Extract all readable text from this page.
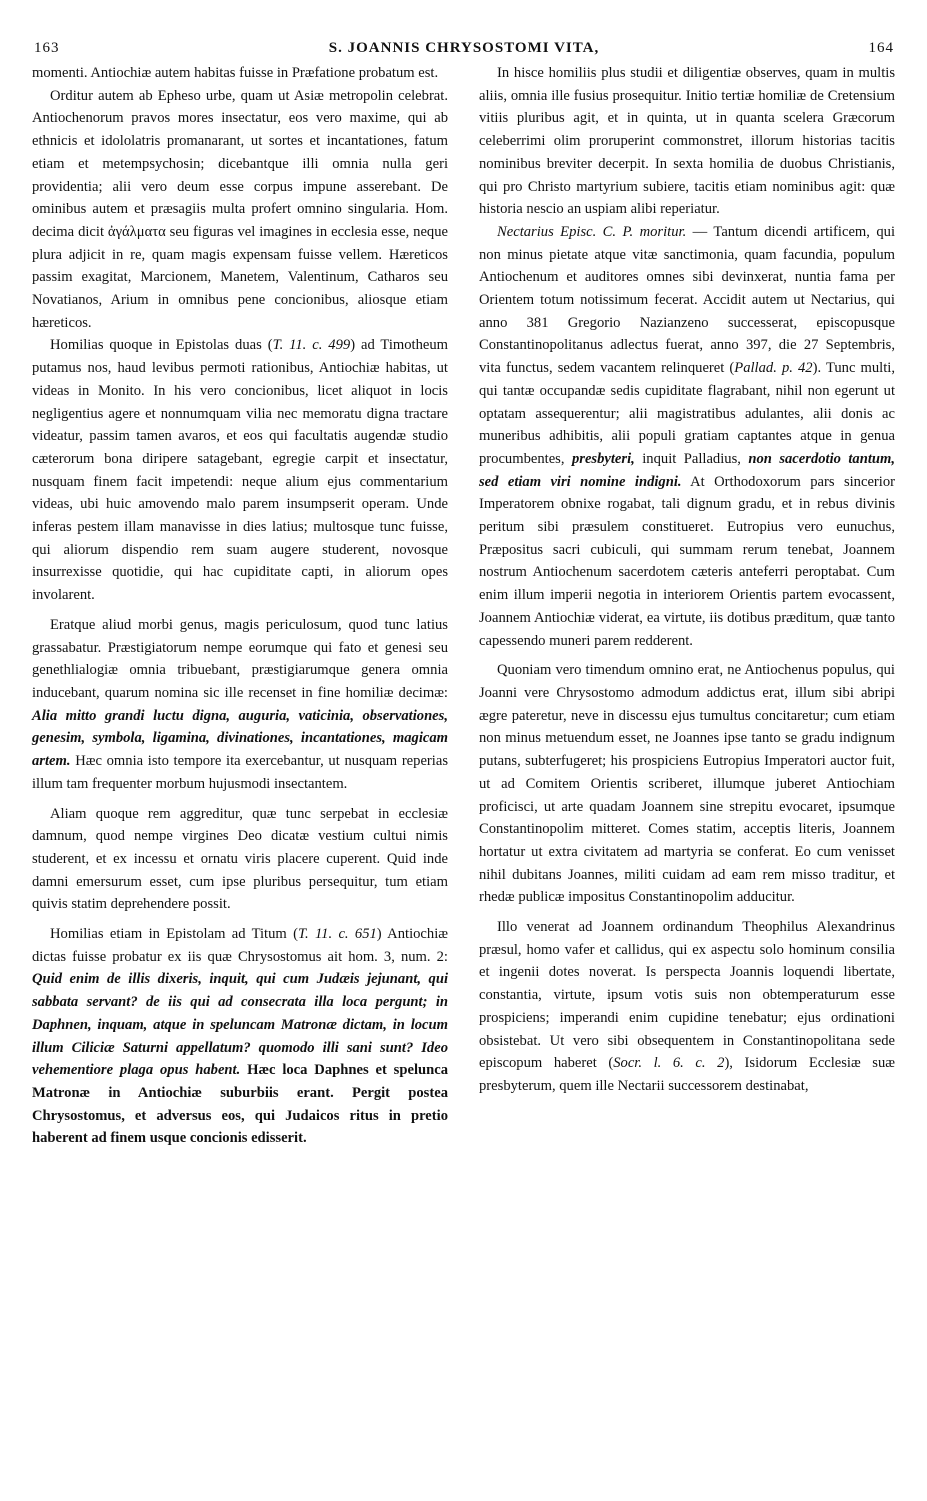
163	S. JOANNIS CHRYSOSTOMI VITA,	164

momenti. Antiochiæ autem habitas fuisse in Præfatione probatum est.

Orditur autem ab Epheso urbe, quam ut Asiæ metropolin celebrat. Antiochenorum pravos mores insectatur, eos vero maxime, qui ab ethnicis et idololatris promanarant, ut sortes et incantationes, fatum etiam et metempsychosin; dicebantque illi omnia nulla geri providentia; alii vero deum esse corpus impune asserebant. De ominibus autem et præsagiis multa profert omnino singularia. Hom. decima dicit ἀγάλματα seu figuras vel imagines in ecclesia esse, neque plura adjicit in re, quam magis expensam fuisse vellem. Hæreticos passim exagitat, Marcionem, Manetem, Valentinum, Catharos seu Novatianos, Arium in omnibus pene concionibus, aliosque etiam hæreticos.

Homilias quoque in Epistolas duas (T. 11. c. 499) ad Timotheum putamus nos, haud levibus permoti rationibus, Antiochiæ habitas, ut videas in Monito. In his vero concionibus, licet aliquot in locis negligentius agere et nonnumquam vilia nec memoratu digna tractare videatur, passim tamen avaros, et eos qui facultatis augendæ studio cæterorum bona diripere satagebant, egregie carpit et insectatur, nusquam finem facit impetendi: neque alium ejus commentarium videas, ubi huic amovendo malo parem insumpserit operam. Unde inferas pestem illam manavisse in dies latius; multosque tunc fuisse, qui aliorum dispendio rem suam augere studerent, novosque insurrexisse quotidie, qui hac cupiditate capti, in aliorum opes involarent.

Eratque aliud morbi genus, magis periculosum, quod tunc latius grassabatur. Præstigiatorum nempe eorumque qui fato et genesi seu genethlialogiæ omnia tribuebant, præstigiarumque genera omnia inducebant, quarum nomina sic ille recenset in fine homiliæ decimæ: Alia mitto grandi luctu digna, auguria, vaticinia, observationes, genesim, symbola, ligamina, divinationes, incantationes, magicam artem. Hæc omnia isto tempore ita exercebantur, ut nusquam reperias illum tam frequenter morbum hujusmodi insectantem.

Aliam quoque rem aggreditur, quæ tunc serpebat in ecclesiæ damnum, quod nempe virgines Deo dicatæ vestium cultui nimis studerent, et ex incessu et ornatu viris placere cuperent. Quid inde damni emersurum esset, cum ipse pluribus persequitur, tum etiam quivis statim deprehendere possit.

Homilias etiam in Epistolam ad Titum (T. 11. c. 651) Antiochiæ dictas fuisse probatur ex iis quæ Chrysostomus ait hom. 3, num. 2: Quid enim de illis dixeris, inquit, qui cum Judæis jejunant, qui sabbata servant? de iis qui ad consecrata illa loca pergunt; in Daphnen, inquam, atque in speluncam Matronæ dictam, in locum illum Ciliciæ Saturni appellatum? quomodo illi sani sunt? Ideo vehementiore plaga opus habent. Hæc loca Daphnes et spelunca Matronæ in Antiochiæ suburbiis erant. Pergit postea Chrysostomus, et adversus eos, qui Judaicos ritus in pretio haberent ad finem usque concionis edisserit.

In hisce homiliis plus studii et diligentiæ observes, quam in multis aliis, omnia ille fusius prosequitur. Initio tertiæ homiliæ de Cretensium vitiis pluribus agit, et in quinta, ut in quanta scelera Græcorum celeberrimi olim proruperint commonstret, illorum historias tacitis nominibus breviter decerpit. In sexta homilia de duobus Christianis, qui pro Christo martyrium subiere, tacitis etiam nominibus agit: quæ historia nescio an uspiam alibi reperiatur.

Nectarius Episc. C. P. moritur. — Tantum dicendi artificem, qui non minus pietate atque vitæ sanctimonia, quam facundia, populum Antiochenum et auditores omnes sibi devinxerat, nuntia fama per Orientem totum notissimum fecerat. Accidit autem ut Nectarius, qui anno 381 Gregorio Nazianzeno successerat, episcopusque Constantinopolitanus adlectus fuerat, anno 397, die 27 Septembris, vita functus, sedem vacantem relinqueret (Pallad. p. 42). Tunc multi, qui tantæ occupandæ sedis cupiditate flagrabant, nihil non egerunt ut optatam assequerentur; alii magistratibus adulantes, alii donis ac muneribus adhibitis, alii populi gratiam captantes atque in genua procumbentes, presbyteri, inquit Palladius, non sacerdotio tantum, sed etiam viri nomine indigni. At Orthodoxorum pars sincerior Imperatorem obnixe rogabat, tali dignum gradu, et in rebus divinis peritum sibi præsulem constitueret. Eutropius vero eunuchus, Præpositus sacri cubiculi, qui summam rerum tenebat, Joannem nostrum Antiochenum sacerdotem cæteris anteferri peroptabat. Cum enim illum imperii negotia in interiorem Orientis partem evocassent, Joannem Antiochiæ viderat, ea virtute, iis dotibus præditum, quæ tanto capessendo muneri parem redderent.

Quoniam vero timendum omnino erat, ne Antiochenus populus, qui Joanni vere Chrysostomo admodum addictus erat, illum sibi abripi ægre pateretur, neve in discessu ejus tumultus concitaretur; cum etiam non minus metuendum esset, ne Joannes ipse tanto se gradu indignum putans, subterfugeret; his prospiciens Eutropius Imperatori auctor fuit, ut ad Comitem Orientis scriberet, illumque juberet Antiochiam proficisci, ut arte quadam Joannem sine strepitu evocaret, ipsumque Constantinopolim mitteret. Comes statim, acceptis literis, Joannem hortatur ut extra civitatem ad martyria se conferat. Eo cum venisset nihil dubitans Joannes, militi cuidam ad eam rem misso traditur, et rhedæ publicæ impositus Constantinopolim adducitur.

Illo venerat ad Joannem ordinandum Theophilus Alexandrinus præsul, homo vafer et callidus, qui ex aspectu solo hominum consilia et ingenii dotes noverat. Is perspecta Joannis loquendi libertate, constantia, virtute, ipsum votis suis non obtemperaturum esse prospiciens; imperandi enim cupidine tenebatur; ejus ordinationi obsistebat. Ut vero sibi obsequentem in Constantinopolitana sede episcopum haberet (Socr. l. 6. c. 2), Isidorum Ecclesiæ suæ presbyterum, quem ille Nectarii successorem destinabat,
